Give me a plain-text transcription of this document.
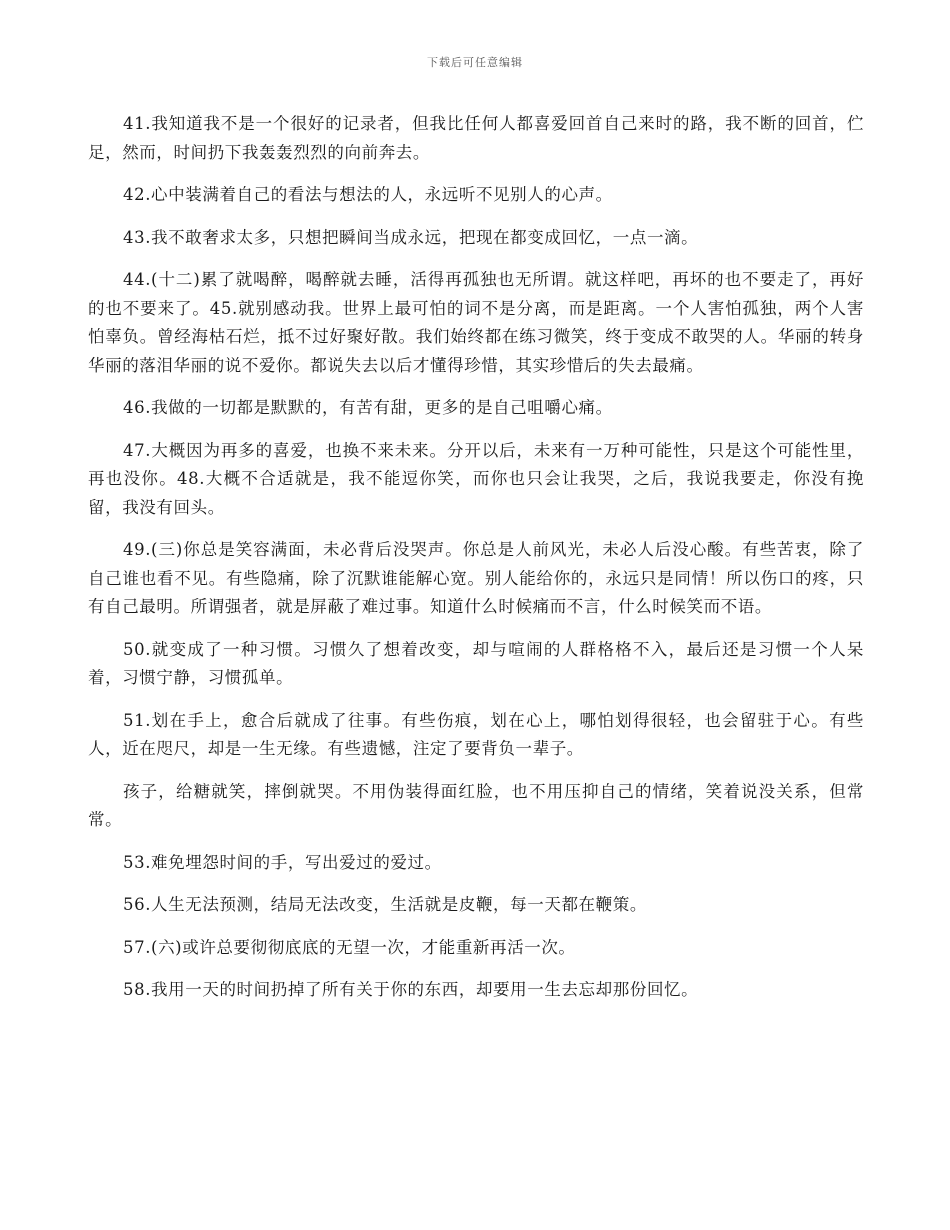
下载后可任意编辑

41.我知道我不是一个很好的记录者，但我比任何人都喜爱回首自己来时的路，我不断的回首，伫足，然而，时间扔下我轰轰烈烈的向前奔去。

42.心中装满着自己的看法与想法的人，永远听不见别人的心声。

43.我不敢奢求太多，只想把瞬间当成永远，把现在都变成回忆，一点一滴。

44.(十二)累了就喝醉，喝醉就去睡，活得再孤独也无所谓。就这样吧，再坏的也不要走了，再好的也不要来了。45.就别感动我。世界上最可怕的词不是分离，而是距离。一个人害怕孤独，两个人害怕辜负。曾经海枯石烂，抵不过好聚好散。我们始终都在练习微笑，终于变成不敢哭的人。华丽的转身华丽的落泪华丽的说不爱你。都说失去以后才懂得珍惜，其实珍惜后的失去最痛。

46.我做的一切都是默默的，有苦有甜，更多的是自己咀嚼心痛。

47.大概因为再多的喜爱，也换不来未来。分开以后，未来有一万种可能性，只是这个可能性里，再也没你。48.大概不合适就是，我不能逗你笑，而你也只会让我哭，之后，我说我要走，你没有挽留，我没有回头。

49.(三)你总是笑容满面，未必背后没哭声。你总是人前风光，未必人后没心酸。有些苦衷，除了自己谁也看不见。有些隐痛，除了沉默谁能解心宽。别人能给你的，永远只是同情！所以伤口的疼，只有自己最明。所谓强者，就是屏蔽了难过事。知道什么时候痛而不言，什么时候笑而不语。

50.就变成了一种习惯。习惯久了想着改变，却与喧闹的人群格格不入，最后还是习惯一个人呆着，习惯宁静，习惯孤单。

51.划在手上，愈合后就成了往事。有些伤痕，划在心上，哪怕划得很轻，也会留驻于心。有些人，近在咫尺，却是一生无缘。有些遗憾，注定了要背负一辈子。

孩子，给糖就笑，摔倒就哭。不用伪装得面红脸，也不用压抑自己的情绪，笑着说没关系，但常常。

53.难免埋怨时间的手，写出爱过的爱过。

56.人生无法预测，结局无法改变，生活就是皮鞭，每一天都在鞭策。

57.(六)或许总要彻彻底底的无望一次，才能重新再活一次。

58.我用一天的时间扔掉了所有关于你的东西，却要用一生去忘却那份回忆。
